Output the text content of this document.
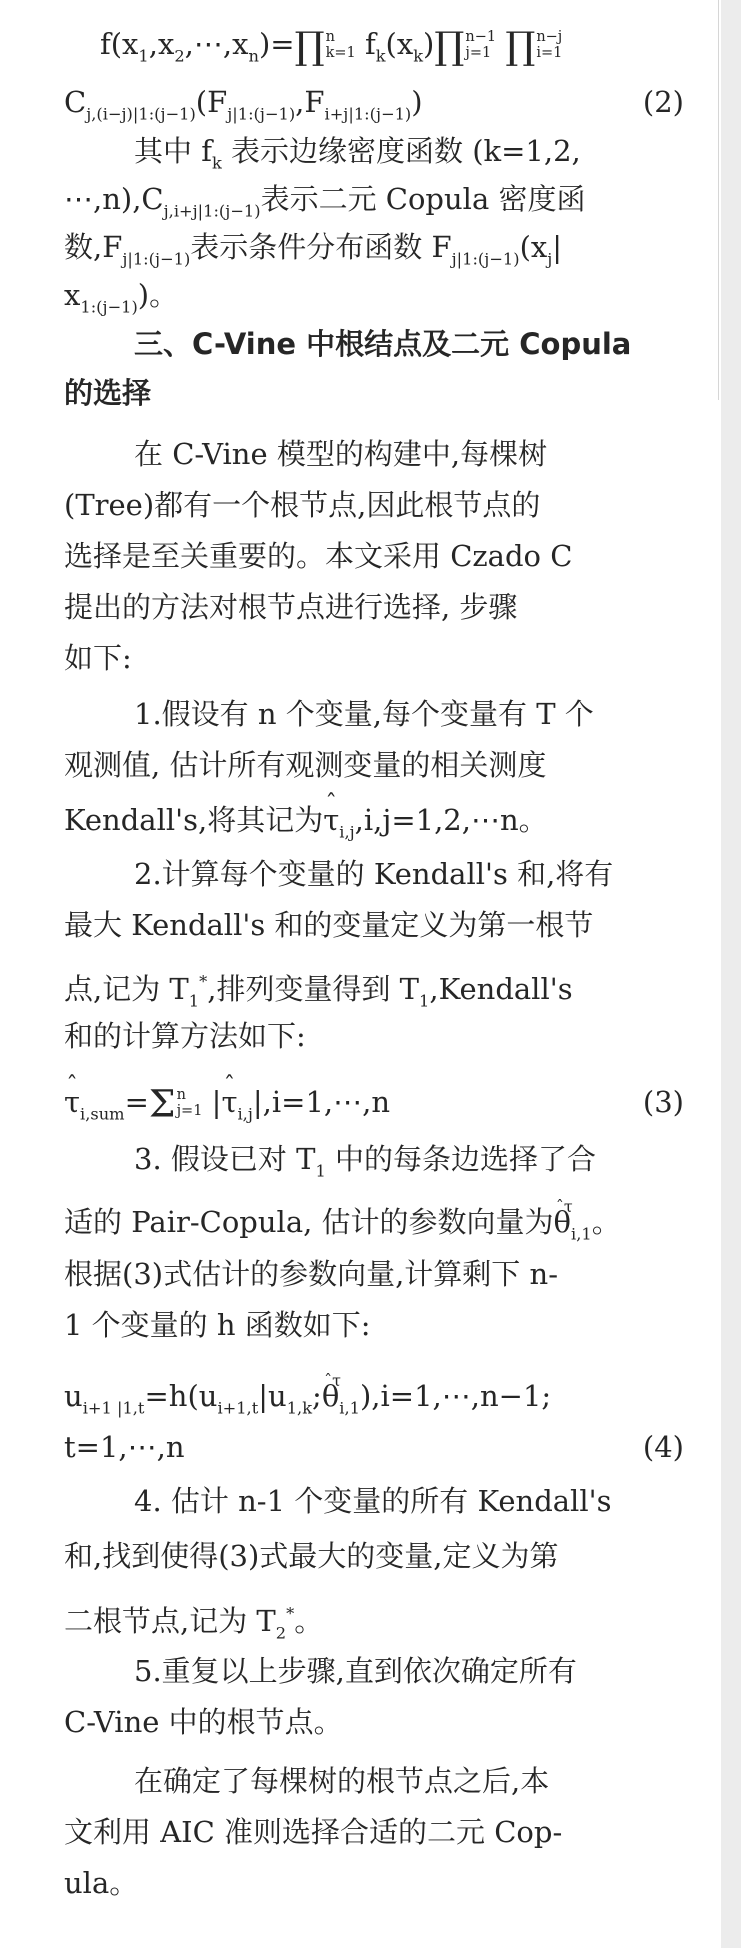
$f(x_1,x_2,\cdots,x_n)=\prod$ n
k=1 $f_k(x_k)\prod$ n−1
j=1 ∏ n−j
i=1
$C_{j,(i-j)|1:(j-1)}(F_{j|1:(j-1)},F_{i+j|1:(j-1)})$	(2)
其中 $f_k$ 表示边缘密度函数 (k=1,2,
$\cdots,n),C_{j,i+j|1:(j-1)}$表示二元 Copula 密度函
数$,F_{j|1:(j-1)}$表示条件分布函数 $F_{j|1:(j-1)}(x_j|$
$x_{1:(j-1)}$)。
三、C-Vine 中根结点及二元 Copula
的选择
在 C-Vine 模型的构建中,每棵树
(Tree)都有一个根节点,因此根节点的
选择是至关重要的。本文采用 Czado C
提出的方法对根节点进行选择, 步骤
如下:
1.假设有 n 个变量,每个变量有 T 个
观测值, 估计所有观测变量的相关测度
Kendall's,将其记为ˆ $\tau_{i,j},i,j=1,2,\cdots n$。
2.计算每个变量的 Kendall's 和,将有
最大 Kendall's 和的变量定义为第一根节
点,记为 $T_1^*$,排列变量得到 $T_1,Kendall's$
和的计算方法如下:
ˆ $\tau_{i,sum}=\Sigma$ n
j=1 |ˆ $\tau_{i,j}|,i=1,\cdots,n$	(3)
3. 假设已对 $T_1$ 中的每条边选择了合
适的 Pair-Copula, 估计的参数向量为ˆτ $\theta_{i,1}$。
根据(3)式估计的参数向量,计算剩下 n-
1 个变量的 h 函数如下:
$u_{i+1 |1,t}=h(u_{i+1,t}|u_{1,k};ˆ\tau$ $\theta_{i,1}),i=1,\cdots,n-1$;
t=1,⋯,n	(4)
4. 估计 n-1 个变量的所有 Kendall's
和,找到使得(3)式最大的变量,定义为第
二根节点,记为 $T_2^*$。
5.重复以上步骤,直到依次确定所有
C-Vine 中的根节点。
在确定了每棵树的根节点之后,本
文利用 AIC 准则选择合适的二元 Cop-
ula。
